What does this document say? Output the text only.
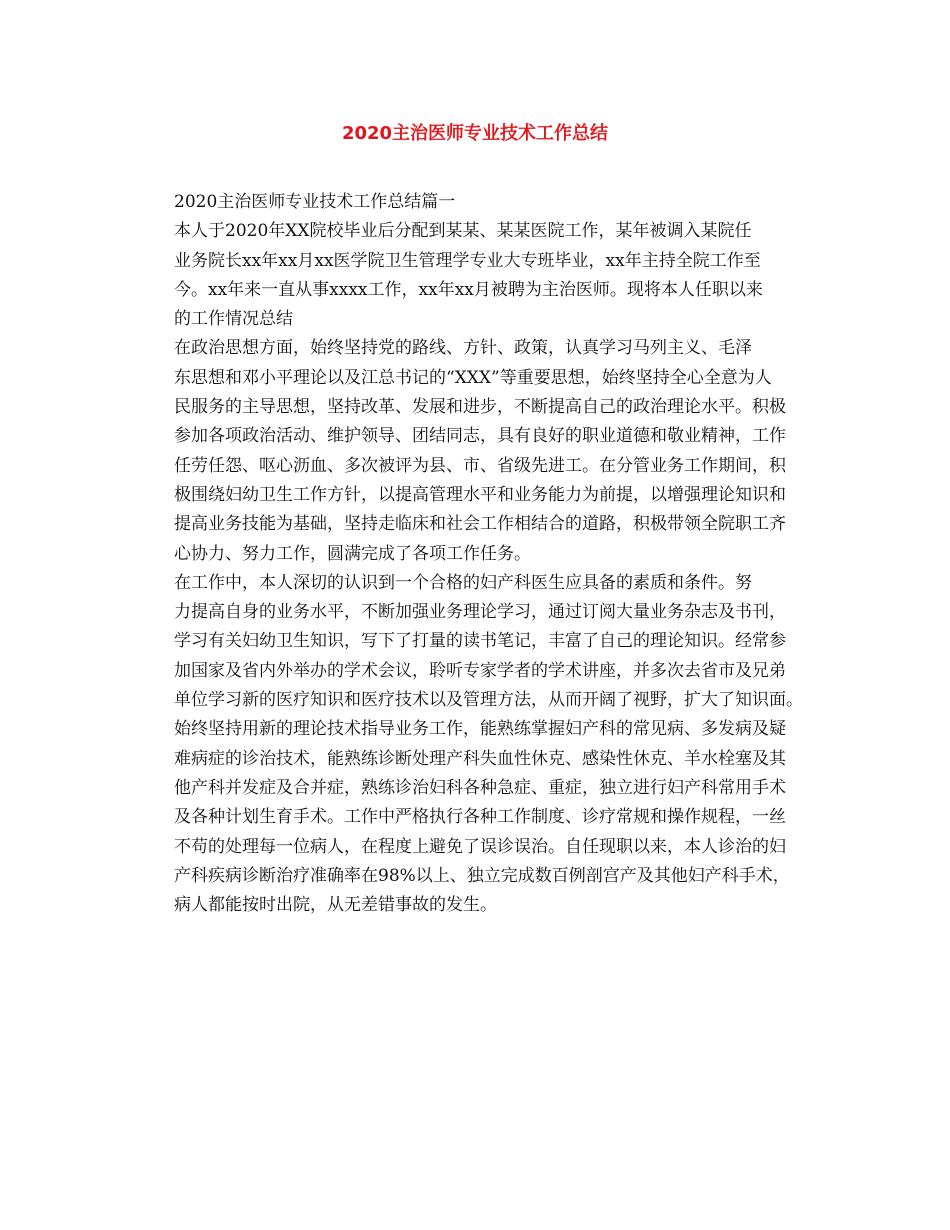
2020主治医师专业技术工作总结

2020主治医师专业技术工作总结篇一

本人于2020年XX院校毕业后分配到某某、某某医院工作，某年被调入某院任
业务院长xx年xx月xx医学院卫生管理学专业大专班毕业，xx年主持全院工作至
今。xx年来一直从事xxxx工作，xx年xx月被聘为主治医师。现将本人任职以来
的工作情况总结

在政治思想方面，始终坚持党的路线、方针、政策，认真学习马列主义、毛泽
东思想和邓小平理论以及江总书记的“XXX”等重要思想，始终坚持全心全意为人
民服务的主导思想，坚持改革、发展和进步，不断提高自己的政治理论水平。积极
参加各项政治活动、维护领导、团结同志，具有良好的职业道德和敬业精神，工作
任劳任怨、呕心沥血、多次被评为县、市、省级先进工。在分管业务工作期间，积
极围绕妇幼卫生工作方针，以提高管理水平和业务能力为前提，以增强理论知识和
提高业务技能为基础，坚持走临床和社会工作相结合的道路，积极带领全院职工齐
心协力、努力工作，圆满完成了各项工作任务。

在工作中，本人深切的认识到一个合格的妇产科医生应具备的素质和条件。努
力提高自身的业务水平，不断加强业务理论学习，通过订阅大量业务杂志及书刊，
学习有关妇幼卫生知识，写下了打量的读书笔记，丰富了自己的理论知识。经常参
加国家及省内外举办的学术会议，聆听专家学者的学术讲座，并多次去省市及兄弟
单位学习新的医疗知识和医疗技术以及管理方法，从而开阔了视野，扩大了知识面。
始终坚持用新的理论技术指导业务工作，能熟练掌握妇产科的常见病、多发病及疑
难病症的诊治技术，能熟练诊断处理产科失血性休克、感染性休克、羊水栓塞及其
他产科并发症及合并症，熟练诊治妇科各种急症、重症，独立进行妇产科常用手术
及各种计划生育手术。工作中严格执行各种工作制度、诊疗常规和操作规程，一丝
不苟的处理每一位病人，在程度上避免了误诊误治。自任现职以来，本人诊治的妇
产科疾病诊断治疗准确率在98%以上、独立完成数百例剖宫产及其他妇产科手术，
病人都能按时出院，从无差错事故的发生。
